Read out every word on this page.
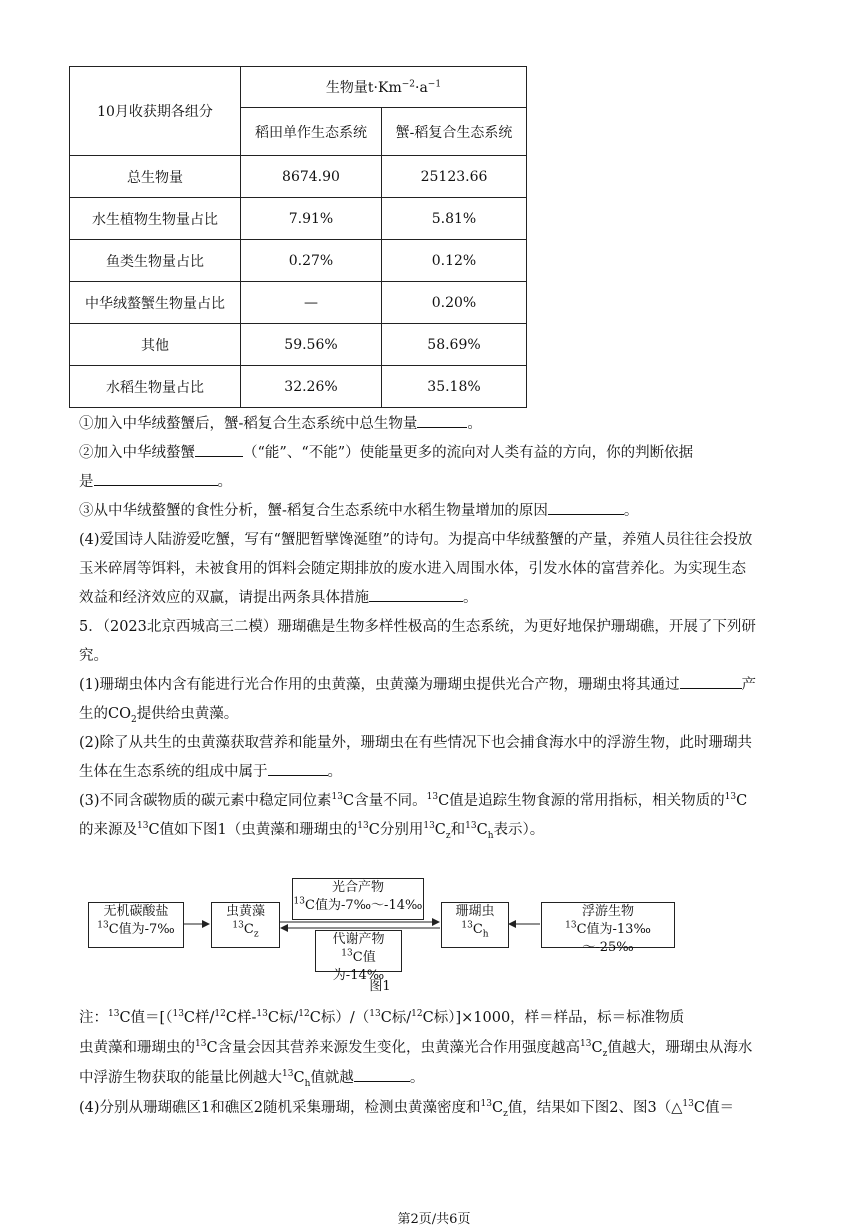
10月收获期各组分	生物量$t\cdot Km^{-2}\cdot a^{-1}$
	稻田单作生态系统	蟹-稻复合生态系统
总生物量	8674.90	25123.66
水生植物生物量占比	7.91%	5.81%
鱼类生物量占比	0.27%	0.12%
中华绒螯蟹生物量占比	—	0.20%
其他	59.56%	58.69%
水稻生物量占比	32.26%	35.18%
①加入中华绒螯蟹后，蟹-稻复合生态系统中总生物量	。
②加入中华绒螯蟹	（“能”、“不能”）使能量更多的流向对人类有益的方向，你的判断依据
是	。
③从中华绒螯蟹的食性分析，蟹-稻复合生态系统中水稻生物量增加的原因	。
(4)爱国诗人陆游爱吃蟹，写有“蟹肥暂擘馋涎堕”的诗句。为提高中华绒螯蟹的产量，养殖人员往往会投放
玉米碎屑等饵料，未被食用的饵料会随定期排放的废水进入周围水体，引发水体的富营养化。为实现生态
效益和经济效应的双赢，请提出两条具体措施	。
5．（2023北京西城高三二模）珊瑚礁是生物多样性极高的生态系统，为更好地保护珊瑚礁，开展了下列研
究。
(1)珊瑚虫体内含有能进行光合作用的虫黄藻，虫黄藻为珊瑚虫提供光合产物，珊瑚虫将其通过	产
生的$CO_2$提供给虫黄藻。
(2)除了从共生的虫黄藻获取营养和能量外，珊瑚虫在有些情况下也会捕食海水中的浮游生物，此时珊瑚共
生体在生态系统的组成中属于	。
(3)不同含碳物质的碳元素中稳定同位素$^{13}$C含量不同。$^{13}$C值是追踪生物食源的常用指标，相关物质的$^{13}$C
的来源及$^{13}$C值如下图1（虫黄藻和珊瑚虫的$^{13}$C分别用$^{13}C_z$和$^{13}C_h$表示）。
无机碳酸盐
$^{13}$C值为-7‰
虫黄藻
$^{13}C_z$
光合产物
$^{13}$C值为-7‰～-14‰
代谢产物
$^{13}$C值为-14‰
珊瑚虫
$^{13}C_h$
浮游生物
$^{13}$C值为-13‰～-25‰
图1
注：$^{13}$C值＝[（$^{13}$C样/$^{12}$C样-$^{13}$C标/$^{12}$C标）/（$^{13}$C标/$^{12}$C标）]×1000，样＝样品，标＝标准物质
虫黄藻和珊瑚虫的$^{13}$C含量会因其营养来源发生变化，虫黄藻光合作用强度越高$^{13}C_z$值越大，珊瑚虫从海水
中浮游生物获取的能量比例越大$^{13}C_h$值就越	。
(4)分别从珊瑚礁区1和礁区2随机采集珊瑚，检测虫黄藻密度和$^{13}C_z$值，结果如下图2、图3（△$^{13}$C值＝
第2页/共6页
